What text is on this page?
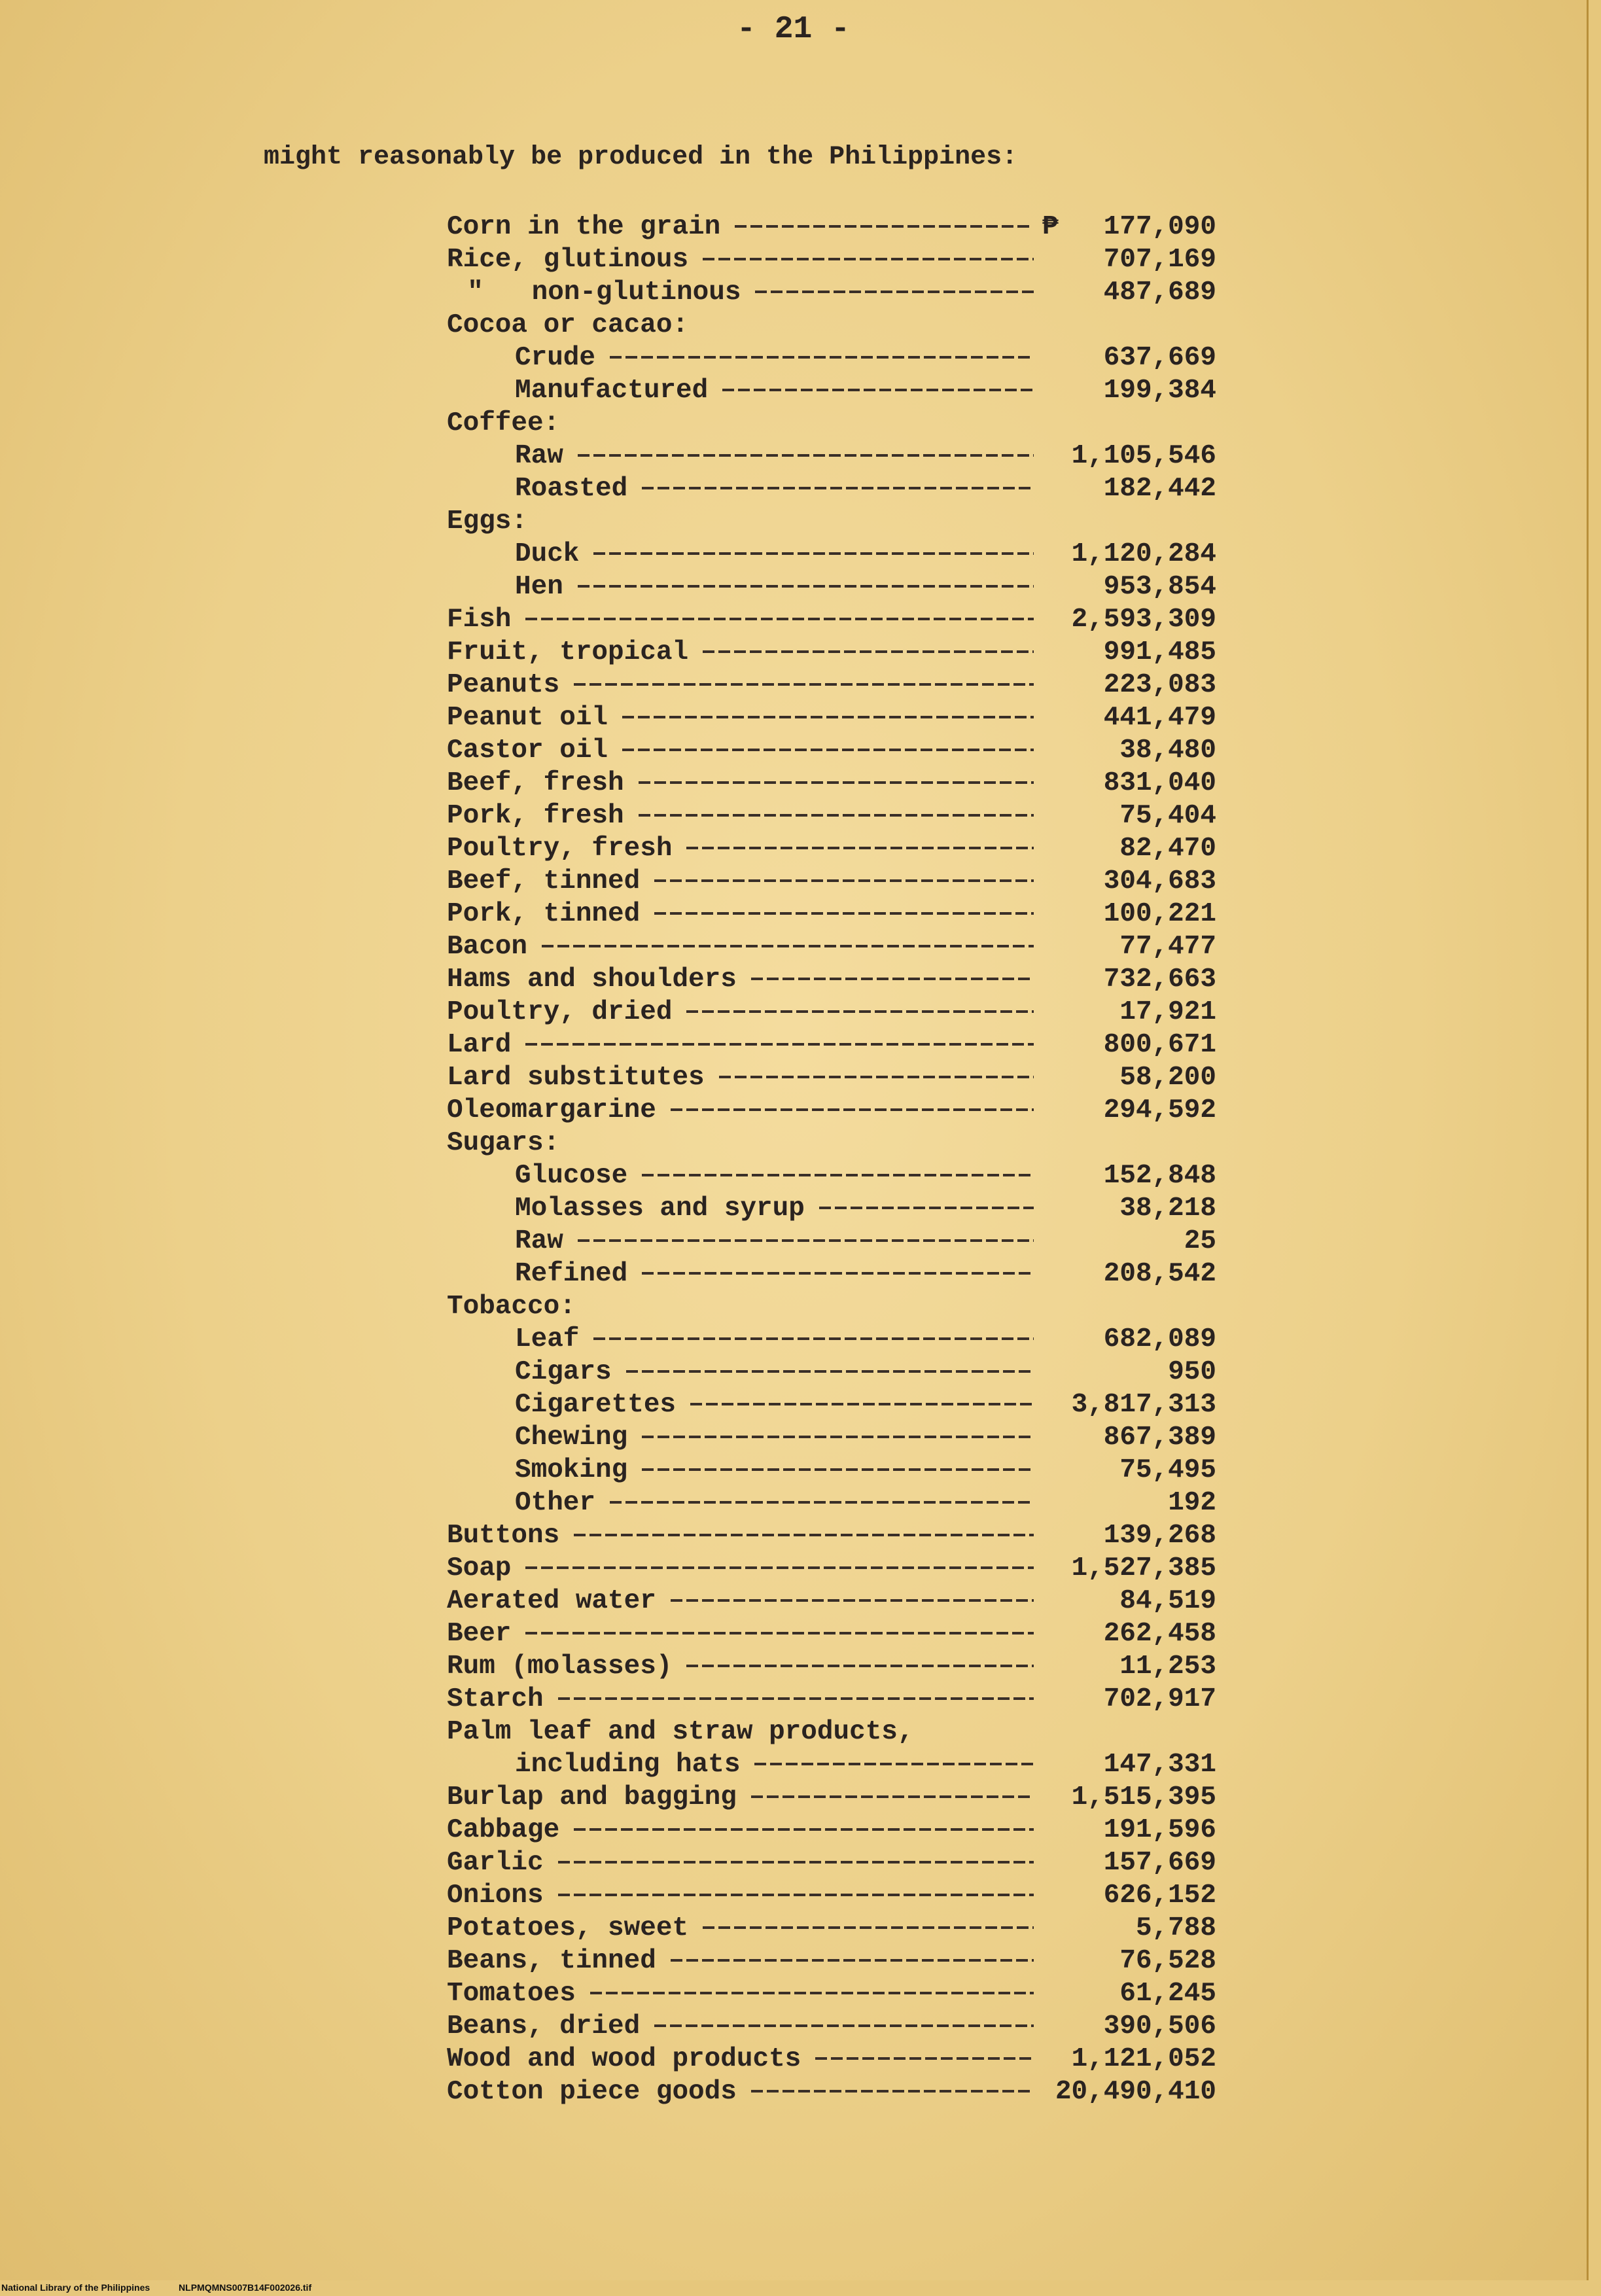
- 21 -
might reasonably be produced in the Philippines:
Corn in the grain	₱ 177,090
Rice, glutinous	707,169
"   non-glutinous	487,689
Cocoa or cacao:
Crude	637,669
Manufactured	199,384
Coffee:
Raw	1,105,546
Roasted	182,442
Eggs:
Duck	1,120,284
Hen	953,854
Fish	2,593,309
Fruit, tropical	991,485
Peanuts	223,083
Peanut oil	441,479
Castor oil	38,480
Beef, fresh	831,040
Pork, fresh	75,404
Poultry, fresh	82,470
Beef, tinned	304,683
Pork, tinned	100,221
Bacon	77,477
Hams and shoulders	732,663
Poultry, dried	17,921
Lard	800,671
Lard substitutes	58,200
Oleomargarine	294,592
Sugars:
Glucose	152,848
Molasses and syrup	38,218
Raw	25
Refined	208,542
Tobacco:
Leaf	682,089
Cigars	950
Cigarettes	3,817,313
Chewing	867,389
Smoking	75,495
Other	192
Buttons	139,268
Soap	1,527,385
Aerated water	84,519
Beer	262,458
Rum (molasses)	11,253
Starch	702,917
Palm leaf and straw products,
including hats	147,331
Burlap and bagging	1,515,395
Cabbage	191,596
Garlic	157,669
Onions	626,152
Potatoes, sweet	5,788
Beans, tinned	76,528
Tomatoes	61,245
Beans, dried	390,506
Wood and wood products	1,121,052
Cotton piece goods	20,490,410
National Library of the Philippines	NLPMQMNS007B14F002026.tif
